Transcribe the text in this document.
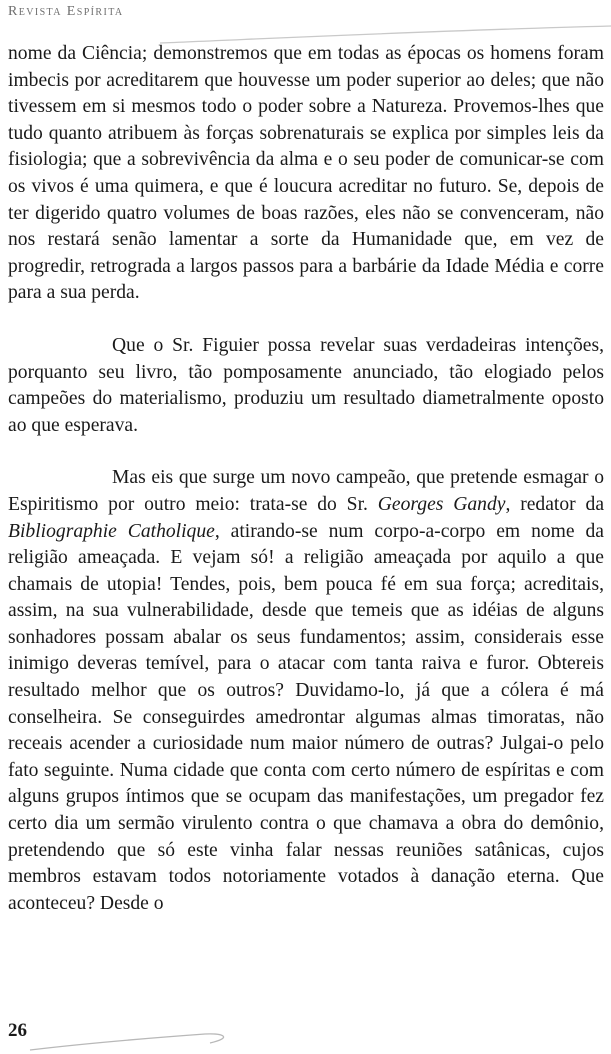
Revista Espírita

nome da Ciência; demonstremos que em todas as épocas os homens foram imbecis por acreditarem que houvesse um poder superior ao deles; que não tivessem em si mesmos todo o poder sobre a Natureza. Provemos-lhes que tudo quanto atribuem às forças sobrenaturais se explica por simples leis da fisiologia; que a sobrevivência da alma e o seu poder de comunicar-se com os vivos é uma quimera, e que é loucura acreditar no futuro. Se, depois de ter digerido quatro volumes de boas razões, eles não se convenceram, não nos restará senão lamentar a sorte da Humanidade que, em vez de progredir, retrograda a largos passos para a barbárie da Idade Média e corre para a sua perda.

Que o Sr. Figuier possa revelar suas verdadeiras intenções, porquanto seu livro, tão pomposamente anunciado, tão elogiado pelos campeões do materialismo, produziu um resultado diametralmente oposto ao que esperava.

Mas eis que surge um novo campeão, que pretende esmagar o Espiritismo por outro meio: trata-se do Sr. Georges Gandy, redator da Bibliographie Catholique, atirando-se num corpo-a-corpo em nome da religião ameaçada. E vejam só! a religião ameaçada por aquilo a que chamais de utopia! Tendes, pois, bem pouca fé em sua força; acreditais, assim, na sua vulnerabilidade, desde que temeis que as idéias de alguns sonhadores possam abalar os seus fundamentos; assim, considerais esse inimigo deveras temível, para o atacar com tanta raiva e furor. Obtereis resultado melhor que os outros? Duvidamo-lo, já que a cólera é má conselheira. Se conseguirdes amedrontar algumas almas timoratas, não receais acender a curiosidade num maior número de outras? Julgai-o pelo fato seguinte. Numa cidade que conta com certo número de espíritas e com alguns grupos íntimos que se ocupam das manifestações, um pregador fez certo dia um sermão virulento contra o que chamava a obra do demônio, pretendendo que só este vinha falar nessas reuniões satânicas, cujos membros estavam todos notoriamente votados à danação eterna. Que aconteceu? Desde o

26
